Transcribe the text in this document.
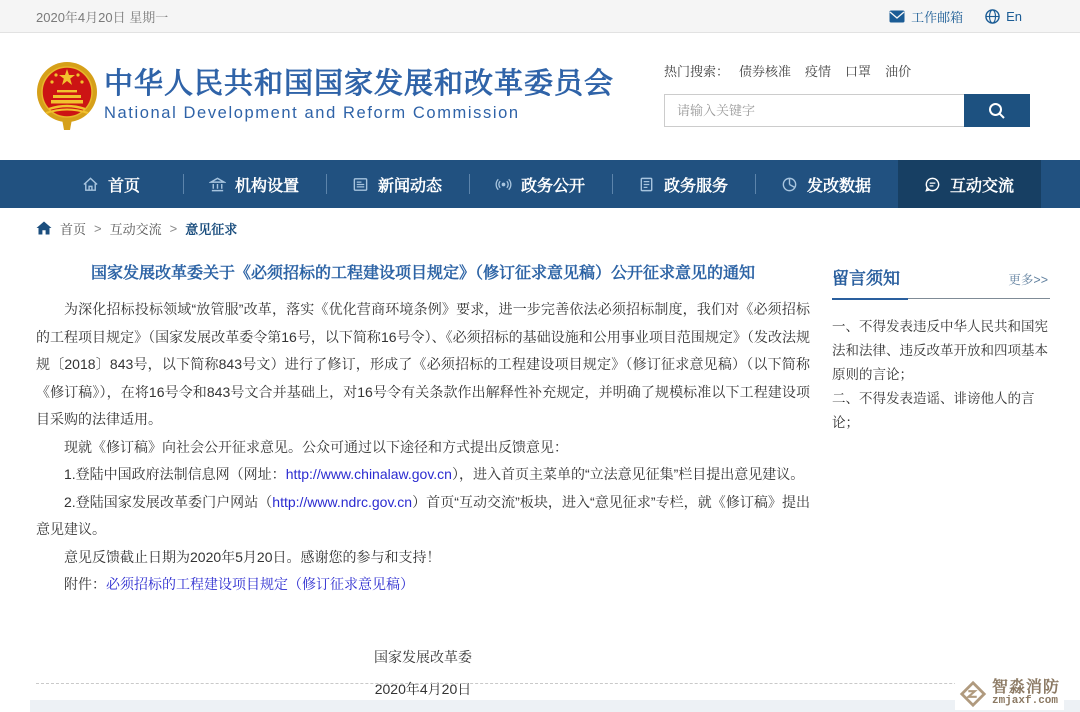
2020年4月20日 星期一	工作邮箱	En
中华人民共和国国家发展和改革委员会
National Development and Reform Commission
热门搜索： 债券核准 疫情 口罩 油价
请输入关键字
首页	机构设置	新闻动态	政务公开	政务服务	发改数据	互动交流
首页 > 互动交流 > 意见征求
国家发展改革委关于《必须招标的工程建设项目规定》（修订征求意见稿）公开征求意见的通知

为深化招标投标领域“放管服”改革，落实《优化营商环境条例》要求，进一步完善依法必须招标制度，我们对《必须招标的工程项目规定》（国家发展改革委令第16号，以下简称16号令）、《必须招标的基础设施和公用事业项目范围规定》（发改法规规〔2018〕843号，以下简称843号文）进行了修订，形成了《必须招标的工程建设项目规定》（修订征求意见稿）（以下简称《修订稿》），在将16号令和843号文合并基础上，对16号令有关条款作出解释性补充规定，并明确了规模标准以下工程建设项目采购的法律适用。

现就《修订稿》向社会公开征求意见。公众可通过以下途径和方式提出反馈意见：

1.登陆中国政府法制信息网（网址：http://www.chinalaw.gov.cn），进入首页主菜单的“立法意见征集”栏目提出意见建议。

2.登陆国家发展改革委门户网站（http://www.ndrc.gov.cn）首页“互动交流”板块，进入“意见征求”专栏，就《修订稿》提出意见建议。

意见反馈截止日期为2020年5月20日。感谢您的参与和支持！

附件：必须招标的工程建设项目规定（修订征求意见稿）

国家发展改革委
2020年4月20日
留言须知	更多>>

一、不得发表违反中华人民共和国宪法和法律、违反改革开放和四项基本原则的言论；

二、不得发表造谣、诽谤他人的言论；

智淼消防
zmjaxf.com
